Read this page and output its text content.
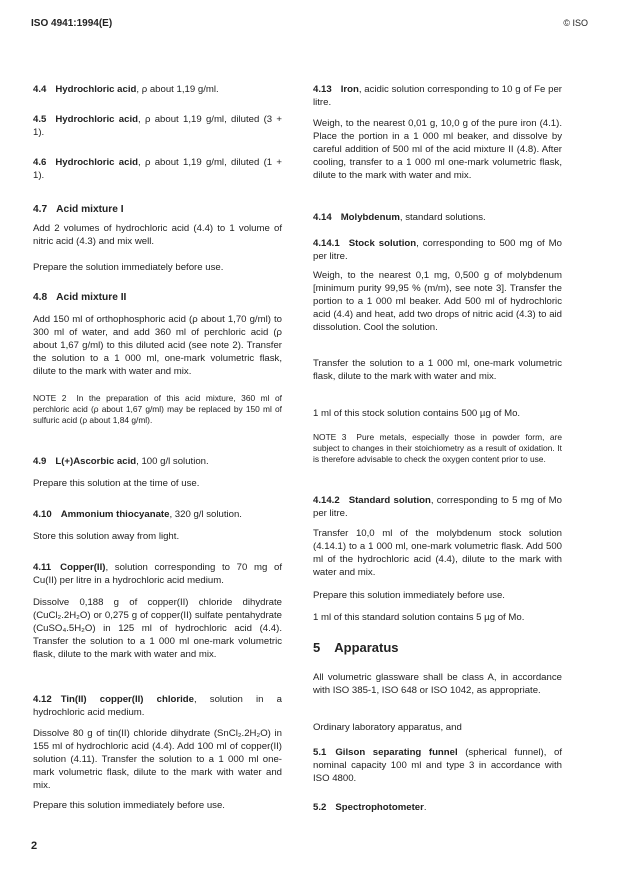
ISO 4941:1994(E)	© ISO
4.4 Hydrochloric acid, ρ about 1,19 g/ml.
4.5 Hydrochloric acid, ρ about 1,19 g/ml, diluted (3 + 1).
4.6 Hydrochloric acid, ρ about 1,19 g/ml, diluted (1 + 1).
4.7 Acid mixture I
Add 2 volumes of hydrochloric acid (4.4) to 1 volume of nitric acid (4.3) and mix well.
Prepare the solution immediately before use.
4.8 Acid mixture II
Add 150 ml of orthophosphoric acid (ρ about 1,70 g/ml) to 300 ml of water, and add 360 ml of perchloric acid (ρ about 1,67 g/ml) to this diluted acid (see note 2). Transfer the solution to a 1 000 ml, one-mark volumetric flask, dilute to the mark with water and mix.
NOTE 2 In the preparation of this acid mixture, 360 ml of perchloric acid (ρ about 1,67 g/ml) may be replaced by 150 ml of sulfuric acid (ρ about 1,84 g/ml).
4.9 L(+)Ascorbic acid, 100 g/l solution.
Prepare this solution at the time of use.
4.10 Ammonium thiocyanate, 320 g/l solution.
Store this solution away from light.
4.11 Copper(II), solution corresponding to 70 mg of Cu(II) per litre in a hydrochloric acid medium.
Dissolve 0,188 g of copper(II) chloride dihydrate (CuCl₂.2H₂O) or 0,275 g of copper(II) sulfate pentahydrate (CuSO₄.5H₂O) in 125 ml of hydrochloric acid (4.4). Transfer the solution to a 1 000 ml one-mark volumetric flask, dilute to the mark with water and mix.
4.12 Tin(II) copper(II) chloride, solution in a hydrochloric acid medium.
Dissolve 80 g of tin(II) chloride dihydrate (SnCl₂.2H₂O) in 155 ml of hydrochloric acid (4.4). Add 100 ml of copper(II) solution (4.11). Transfer the solution to a 1 000 ml one-mark volumetric flask, dilute to the mark with water and mix.
Prepare this solution immediately before use.
4.13 Iron, acidic solution corresponding to 10 g of Fe per litre.
Weigh, to the nearest 0,01 g, 10,0 g of the pure iron (4.1). Place the portion in a 1 000 ml beaker, and dissolve by careful addition of 500 ml of the acid mixture II (4.8). After cooling, transfer to a 1 000 ml one-mark volumetric flask, dilute to the mark with water and mix.
4.14 Molybdenum, standard solutions.
4.14.1 Stock solution, corresponding to 500 mg of Mo per litre.
Weigh, to the nearest 0,1 mg, 0,500 g of molybdenum [minimum purity 99,95 % (m/m), see note 3]. Transfer the portion to a 1 000 ml beaker. Add 500 ml of hydrochloric acid (4.4) and heat, add two drops of nitric acid (4.3) to aid dissolution. Cool the solution.
Transfer the solution to a 1 000 ml, one-mark volumetric flask, dilute to the mark with water and mix.
1 ml of this stock solution contains 500 µg of Mo.
NOTE 3 Pure metals, especially those in powder form, are subject to changes in their stoichiometry as a result of oxidation. It is therefore advisable to check the oxygen content prior to use.
4.14.2 Standard solution, corresponding to 5 mg of Mo per litre.
Transfer 10,0 ml of the molybdenum stock solution (4.14.1) to a 1 000 ml, one-mark volumetric flask. Add 500 ml of the hydrochloric acid (4.4), dilute to the mark with water and mix.
Prepare this solution immediately before use.
1 ml of this standard solution contains 5 µg of Mo.
5 Apparatus
All volumetric glassware shall be class A, in accordance with ISO 385-1, ISO 648 or ISO 1042, as appropriate.
Ordinary laboratory apparatus, and
5.1 Gilson separating funnel (spherical funnel), of nominal capacity 100 ml and type 3 in accordance with ISO 4800.
5.2 Spectrophotometer.
2
